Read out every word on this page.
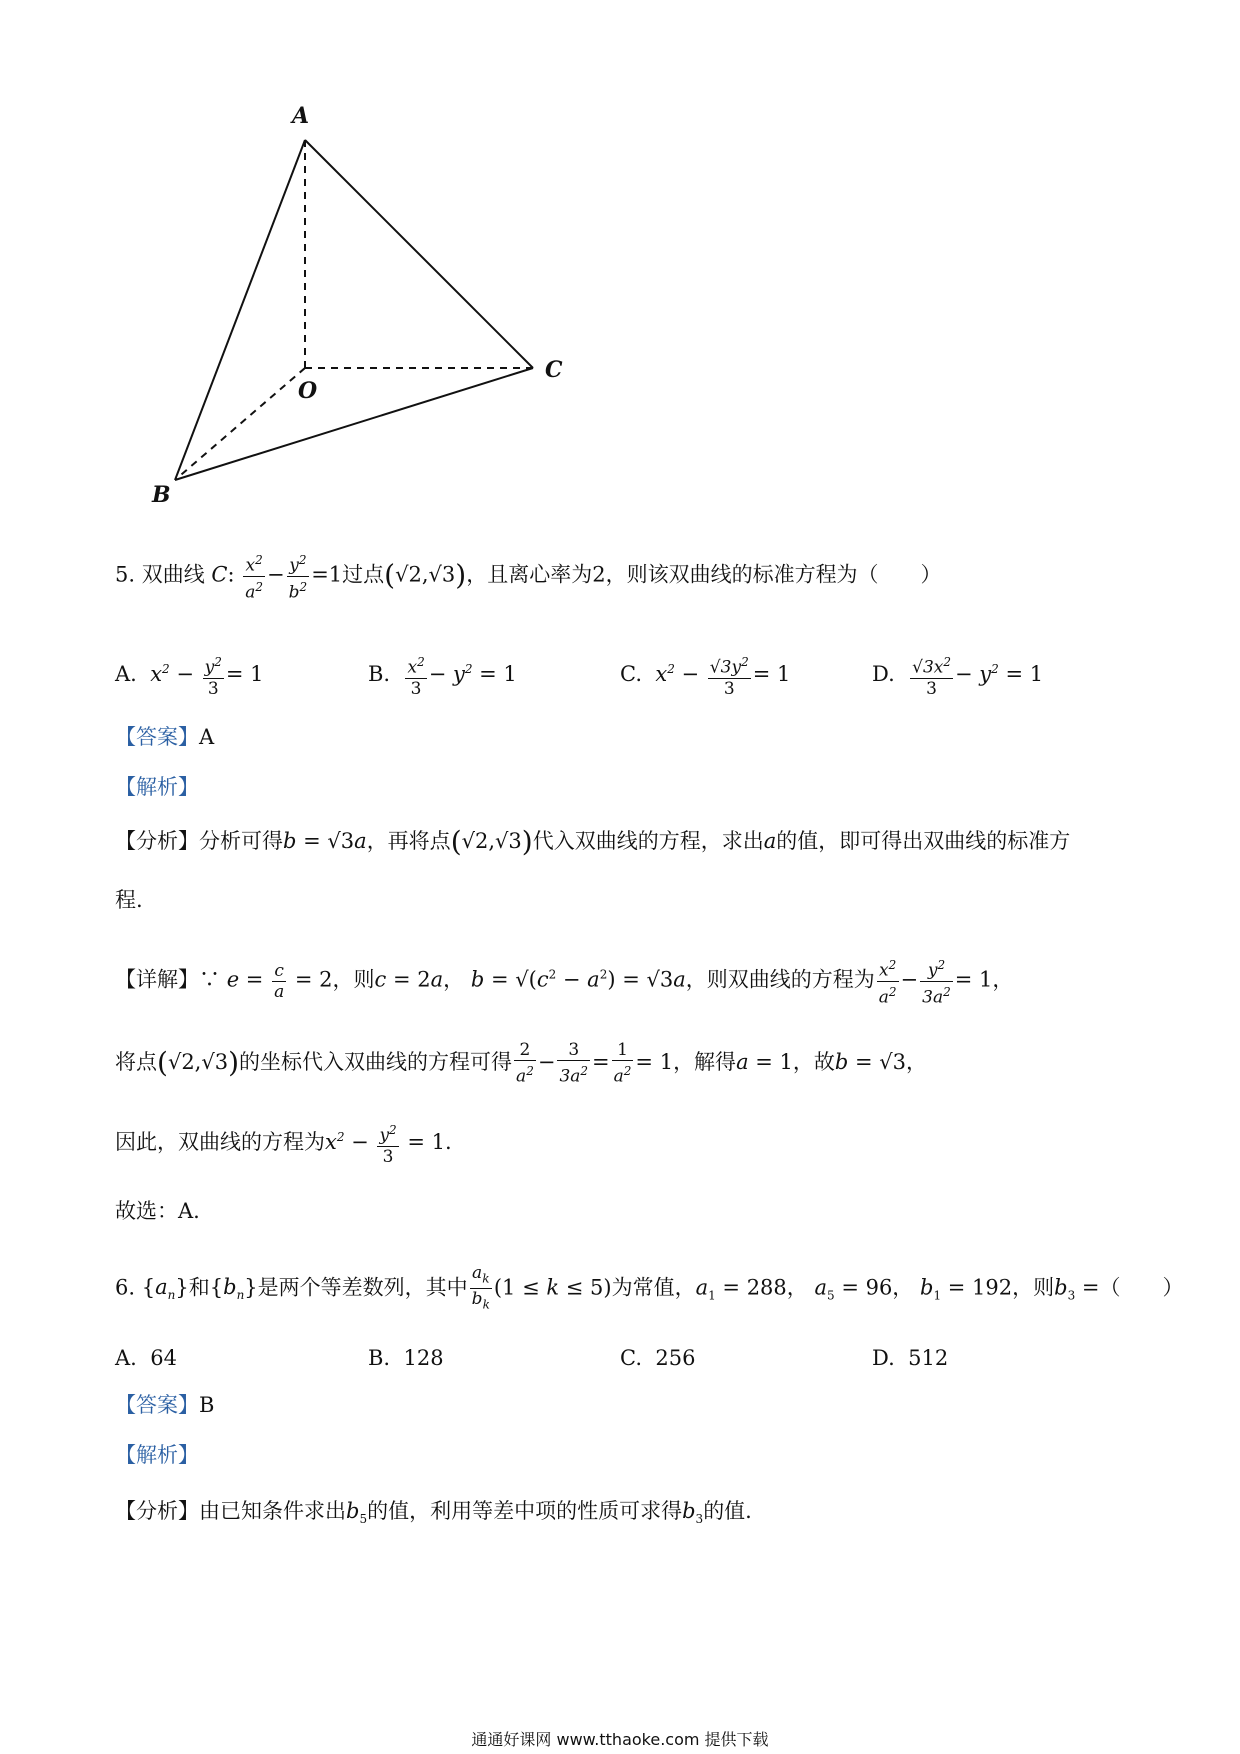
A
O
C
B
5. 双曲线 C: $\frac{x^2}{a^2} - \frac{y^2}{b^2} =1$过点(√2,√3)，且离心率为2，则该双曲线的标准方程为（　　）
A. $x^2 - \frac{y^2}{3} = 1$	B. $\frac{x^2}{3} - y^2 = 1$	C. $x^2 - \frac{√3y^2}{3} = 1$	D. $\frac{√3x^2}{3} - y^2 = 1$
【答案】A
【解析】
【分析】分析可得b = √3a，再将点(√2,√3)代入双曲线的方程，求出a的值，即可得出双曲线的标准方
程.
【详解】∵ $e = \frac{c}{a} = 2$，则c = 2a， $b = √(c^2 - a^2) = √3a$，则双曲线的方程为 $\frac{x^2}{a^2} - \frac{y^2}{3a^2} = 1$，
将点(√2,√3)的坐标代入双曲线的方程可得 $\frac{2}{a^2} - \frac{3}{3a^2} = \frac{1}{a^2} = 1$，解得a = 1，故b = √3，
因此，双曲线的方程为$x^2 - \frac{y^2}{3} = 1$.
故选：A.
6. $\{a_n\}$和$\{b_n\}$是两个等差数列，其中 $\frac{a_k}{b_k} (1 \le k \le 5)$为常值，$a_1 = 288$， $a_5 = 96$， $b_1 = 192$，则$b_3$ =（　　）
A. 64	B. 128	C. 256	D. 512
【答案】B
【解析】
【分析】由已知条件求出$b_5$的值，利用等差中项的性质可求得$b_3$的值.
通通好课网 www.tthaoke.com 提供下载
